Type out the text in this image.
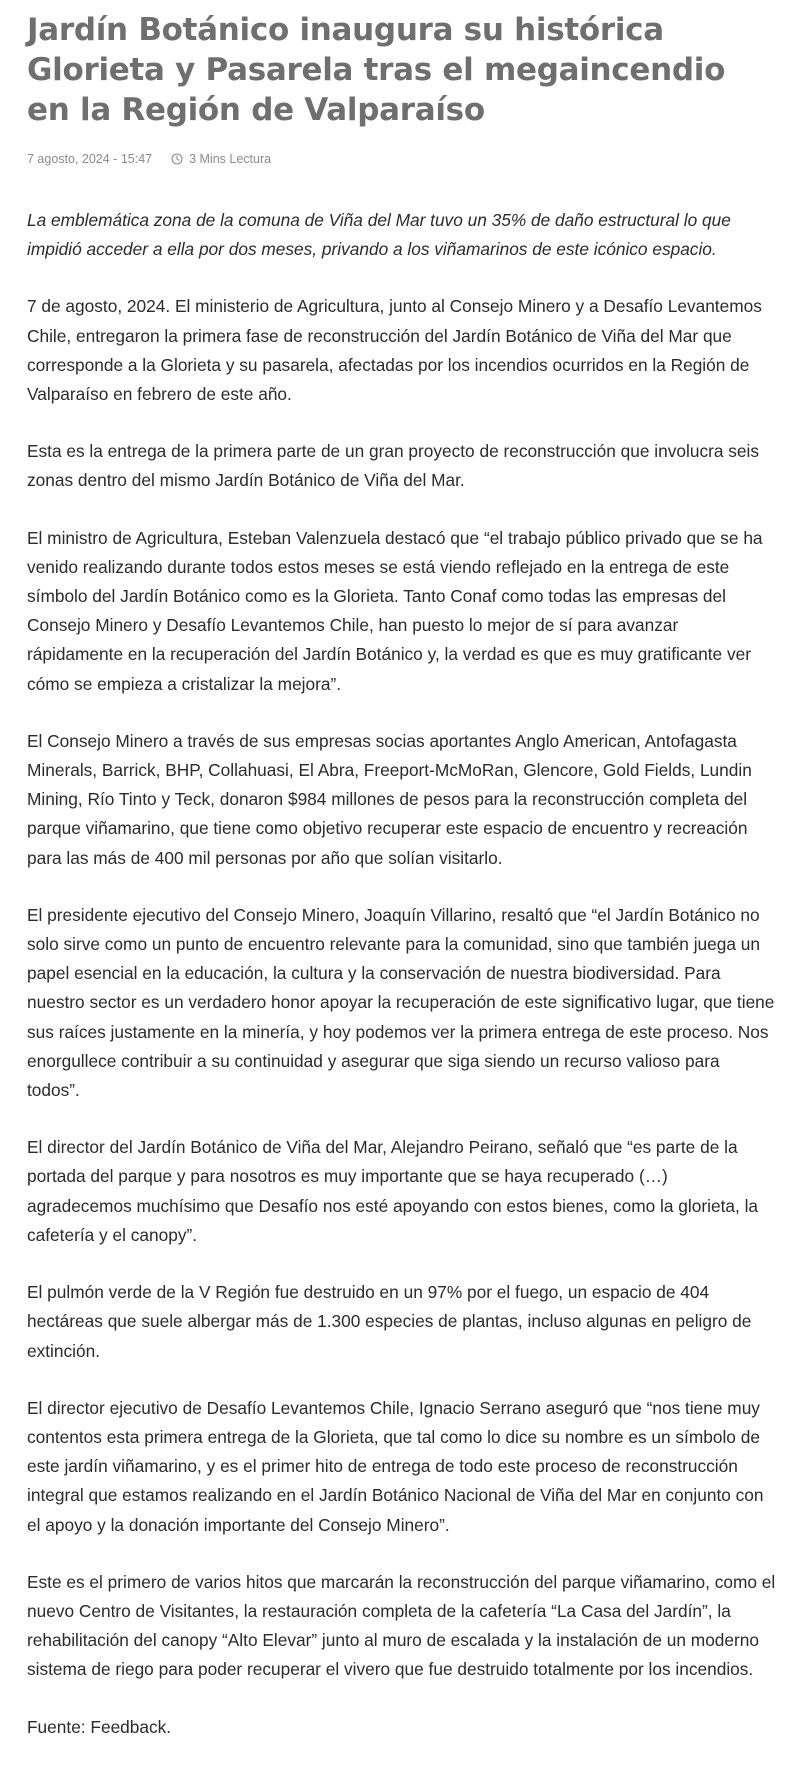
Jardín Botánico inaugura su histórica Glorieta y Pasarela tras el megaincendio en la Región de Valparaíso
7 agosto, 2024 - 15:47	3 Mins Lectura

La emblemática zona de la comuna de Viña del Mar tuvo un 35% de daño estructural lo que impidió acceder a ella por dos meses, privando a los viñamarinos de este icónico espacio.

7 de agosto, 2024. El ministerio de Agricultura, junto al Consejo Minero y a Desafío Levantemos Chile, entregaron la primera fase de reconstrucción del Jardín Botánico de Viña del Mar que corresponde a la Glorieta y su pasarela, afectadas por los incendios ocurridos en la Región de Valparaíso en febrero de este año.

Esta es la entrega de la primera parte de un gran proyecto de reconstrucción que involucra seis zonas dentro del mismo Jardín Botánico de Viña del Mar.

El ministro de Agricultura, Esteban Valenzuela destacó que “el trabajo público privado que se ha venido realizando durante todos estos meses se está viendo reflejado en la entrega de este símbolo del Jardín Botánico como es la Glorieta. Tanto Conaf como todas las empresas del Consejo Minero y Desafío Levantemos Chile, han puesto lo mejor de sí para avanzar rápidamente en la recuperación del Jardín Botánico y, la verdad es que es muy gratificante ver cómo se empieza a cristalizar la mejora”.

El Consejo Minero a través de sus empresas socias aportantes Anglo American, Antofagasta Minerals, Barrick, BHP, Collahuasi, El Abra, Freeport-McMoRan, Glencore, Gold Fields, Lundin Mining, Río Tinto y Teck, donaron $984 millones de pesos para la reconstrucción completa del parque viñamarino, que tiene como objetivo recuperar este espacio de encuentro y recreación para las más de 400 mil personas por año que solían visitarlo.

El presidente ejecutivo del Consejo Minero, Joaquín Villarino, resaltó que “el Jardín Botánico no solo sirve como un punto de encuentro relevante para la comunidad, sino que también juega un papel esencial en la educación, la cultura y la conservación de nuestra biodiversidad. Para nuestro sector es un verdadero honor apoyar la recuperación de este significativo lugar, que tiene sus raíces justamente en la minería, y hoy podemos ver la primera entrega de este proceso. Nos enorgullece contribuir a su continuidad y asegurar que siga siendo un recurso valioso para todos”.

El director del Jardín Botánico de Viña del Mar, Alejandro Peirano, señaló que “es parte de la portada del parque y para nosotros es muy importante que se haya recuperado (…) agradecemos muchísimo que Desafío nos esté apoyando con estos bienes, como la glorieta, la cafetería y el canopy”.

El pulmón verde de la V Región fue destruido en un 97% por el fuego, un espacio de 404 hectáreas que suele albergar más de 1.300 especies de plantas, incluso algunas en peligro de extinción.

El director ejecutivo de Desafío Levantemos Chile, Ignacio Serrano aseguró que “nos tiene muy contentos esta primera entrega de la Glorieta, que tal como lo dice su nombre es un símbolo de este jardín viñamarino, y es el primer hito de entrega de todo este proceso de reconstrucción integral que estamos realizando en el Jardín Botánico Nacional de Viña del Mar en conjunto con el apoyo y la donación importante del Consejo Minero”.

Este es el primero de varios hitos que marcarán la reconstrucción del parque viñamarino, como el nuevo Centro de Visitantes, la restauración completa de la cafetería “La Casa del Jardín”, la rehabilitación del canopy “Alto Elevar” junto al muro de escalada y la instalación de un moderno sistema de riego para poder recuperar el vivero que fue destruido totalmente por los incendios.

Fuente: Feedback.
